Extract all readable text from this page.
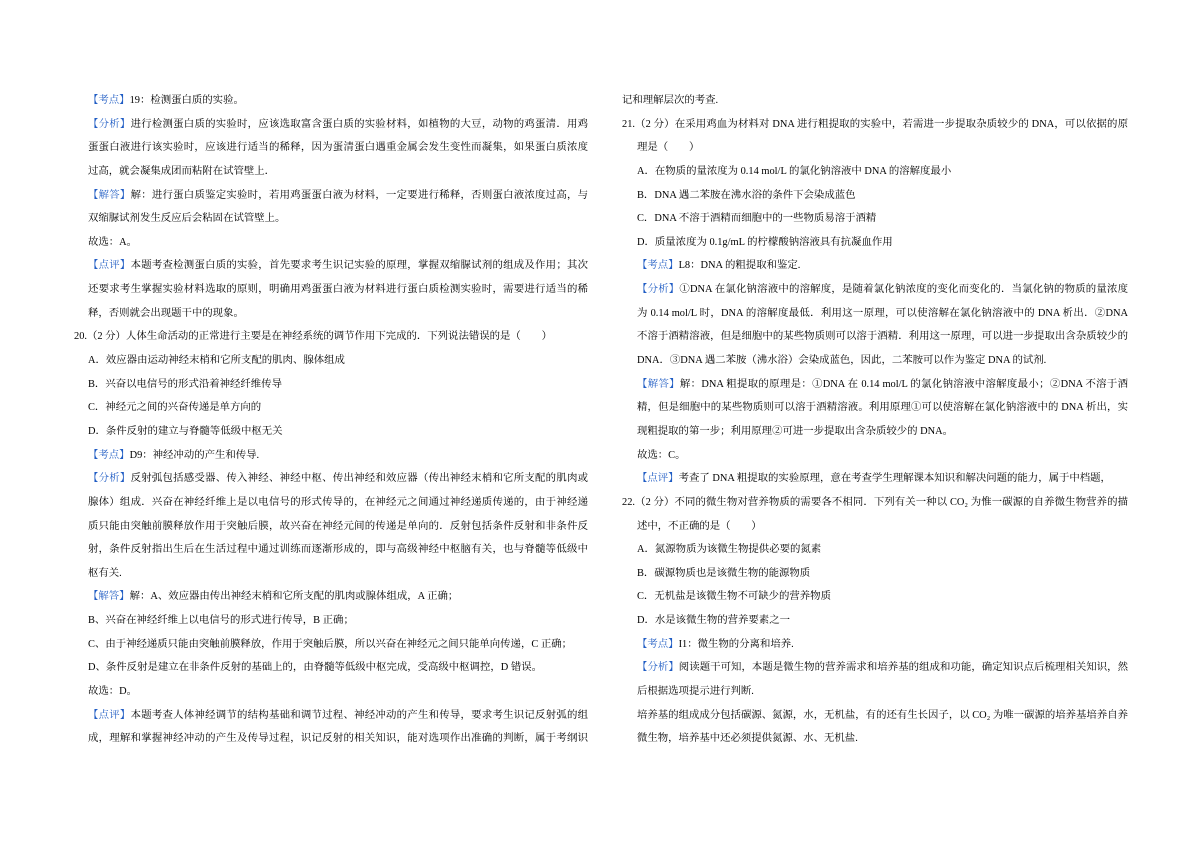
【考点】19：检测蛋白质的实验。
【分析】进行检测蛋白质的实验时，应该选取富含蛋白质的实验材料，如植物的大豆，动物的鸡蛋清．用鸡
蛋蛋白液进行该实验时，应该进行适当的稀释，因为蛋清蛋白遇重金属会发生变性而凝集，如果蛋白质浓度
过高，就会凝集成团而粘附在试管壁上．
【解答】解：进行蛋白质鉴定实验时，若用鸡蛋蛋白液为材料，一定要进行稀释，否则蛋白液浓度过高，与
双缩脲试剂发生反应后会粘固在试管壁上。
故选：A。
【点评】本题考查检测蛋白质的实验，首先要求考生识记实验的原理，掌握双缩脲试剂的组成及作用；其次
还要求考生掌握实验材料选取的原则，明确用鸡蛋蛋白液为材料进行蛋白质检测实验时，需要进行适当的稀
释，否则就会出现题干中的现象。
20.（2 分）人体生命活动的正常进行主要是在神经系统的调节作用下完成的．下列说法错误的是（　　）
A．效应器由运动神经末梢和它所支配的肌肉、腺体组成
B．兴奋以电信号的形式沿着神经纤维传导
C．神经元之间的兴奋传递是单方向的
D．条件反射的建立与脊髓等低级中枢无关
【考点】D9：神经冲动的产生和传导.
【分析】反射弧包括感受器、传入神经、神经中枢、传出神经和效应器（传出神经末梢和它所支配的肌肉或
腺体）组成．兴奋在神经纤维上是以电信号的形式传导的，在神经元之间通过神经递质传递的，由于神经递
质只能由突触前膜释放作用于突触后膜，故兴奋在神经元间的传递是单向的．反射包括条件反射和非条件反
射，条件反射指出生后在生活过程中通过训练而逐渐形成的，即与高级神经中枢脑有关，也与脊髓等低级中
枢有关.
【解答】解：A、效应器由传出神经末梢和它所支配的肌肉或腺体组成，A 正确；
B、兴奋在神经纤维上以电信号的形式进行传导，B 正确；
C、由于神经递质只能由突触前膜释放，作用于突触后膜，所以兴奋在神经元之间只能单向传递，C 正确；
D、条件反射是建立在非条件反射的基础上的，由脊髓等低级中枢完成，受高级中枢调控，D 错误。
故选：D。
【点评】本题考查人体神经调节的结构基础和调节过程、神经冲动的产生和传导，要求考生识记反射弧的组
成，理解和掌握神经冲动的产生及传导过程，识记反射的相关知识，能对选项作出准确的判断，属于考纲识
记和理解层次的考查.
21.（2 分）在采用鸡血为材料对 DNA 进行粗提取的实验中，若需进一步提取杂质较少的 DNA，可以依据的原
理是（　　）
A．在物质的量浓度为 0.14 mol/L 的氯化钠溶液中 DNA 的溶解度最小
B．DNA 遇二苯胺在沸水浴的条件下会染成蓝色
C．DNA 不溶于酒精而细胞中的一些物质易溶于酒精
D．质量浓度为 0.1g/mL 的柠檬酸钠溶液具有抗凝血作用
【考点】L8：DNA 的粗提取和鉴定.
【分析】①DNA 在氯化钠溶液中的溶解度，是随着氯化钠浓度的变化而变化的．当氯化钠的物质的量浓度
为 0.14 mol/L 时，DNA 的溶解度最低．利用这一原理，可以使溶解在氯化钠溶液中的 DNA 析出．②DNA
不溶于酒精溶液，但是细胞中的某些物质则可以溶于酒精．利用这一原理，可以进一步提取出含杂质较少的
DNA．③DNA 遇二苯胺（沸水浴）会染成蓝色，因此，二苯胺可以作为鉴定 DNA 的试剂.
【解答】解：DNA 粗提取的原理是：①DNA 在 0.14 mol/L 的氯化钠溶液中溶解度最小；②DNA 不溶于酒
精，但是细胞中的某些物质则可以溶于酒精溶液。利用原理①可以使溶解在氯化钠溶液中的 DNA 析出，实
现粗提取的第一步；利用原理②可进一步提取出含杂质较少的 DNA。
故选：C。
【点评】考查了 DNA 粗提取的实验原理，意在考查学生理解课本知识和解决问题的能力，属于中档题，
22.（2 分）不同的微生物对营养物质的需要各不相同．下列有关一种以 CO₂ 为惟一碳源的自养微生物营养的描
述中，不正确的是（　　）
A．氮源物质为该微生物提供必要的氮素
B．碳源物质也是该微生物的能源物质
C．无机盐是该微生物不可缺少的营养物质
D．水是该微生物的营养要素之一
【考点】I1：微生物的分离和培养.
【分析】阅读题干可知，本题是微生物的营养需求和培养基的组成和功能，确定知识点后梳理相关知识，然
后根据选项提示进行判断.
培养基的组成成分包括碳源、氮源，水，无机盐，有的还有生长因子，以 CO₂ 为唯一碳源的培养基培养自养
微生物，培养基中还必须提供氮源、水、无机盐.
